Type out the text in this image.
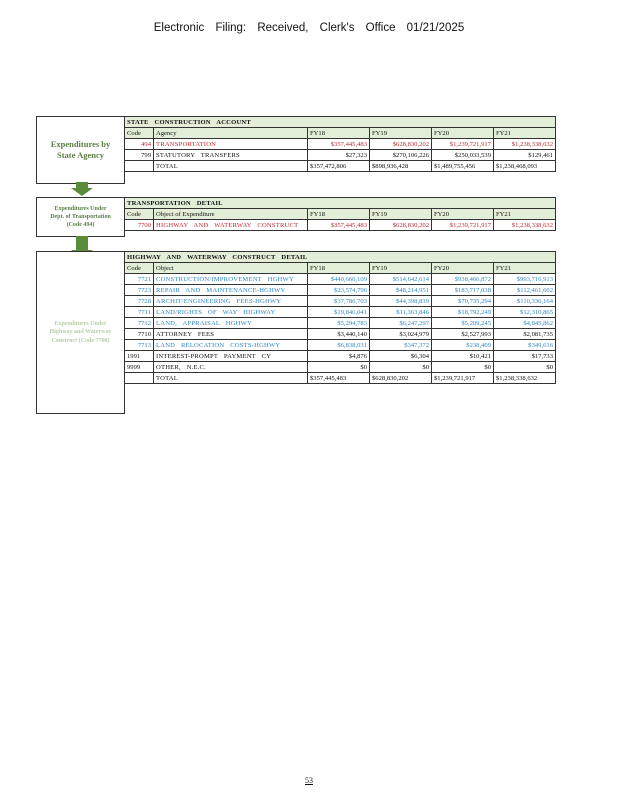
Electronic Filing: Received, Clerk's Office 01/21/2025
Expenditures by
State Agency
STATE CONSTRUCTION ACCOUNT					
Code	Agency	FY18	FY19	FY20	FY21
494	TRANSPORTATION	$357,445,483	$628,830,202	$1,239,721,917	$1,238,338,632
799	STATUTORY TRANSFERS	$27,323	$270,106,226	$250,033,539	$129,461
	TOTAL	$357,472,806	$898,936,428	$1,489,755,456	$1,238,468,093
Expenditures Under
Dept. of Transportation
(Code 494)
TRANSPORTATION DETAIL					
Code	Object of Expenditure	FY18	FY19	FY20	FY21
7700	HIGHWAY AND WATERWAY CONSTRUCT	$357,445,483	$628,830,202	$1,239,721,917	$1,238,338,632
Expenditures Under
Highway and Waterway
Construct (Code 7700)
HIGHWAY AND WATERWAY CONSTRUCT DETAIL					
Code	Object	FY18	FY19	FY20	FY21
7721	CONSTRUCTION/IMPROVEMENT HGHWY	$440,660,109	$514,642,614	$938,466,872	$993,716,913
7723	REPAIR AND MAINTENANCE-HGHWY	$23,574,796	$48,214,951	$183,717,038	$112,461,602
7728	ARCHIT/ENGINEERING FEES-HGHWY	$37,786,703	$44,398,839	$70,735,294	$110,336,164
7711	LAND/RIGHTS OF WAY HIGHWAY	$19,846,041	$11,363,846	$18,792,249	$12,310,865
7712	LAND, APPRAISAL HGHWY	$5,294,783	$6,247,297	$5,209,245	$4,845,862
7710	ATTORNEY FEES	$3,440,140	$3,024,979	$2,527,993	$2,081,735
7713	LAND RELOCATION COSTS-HGHWY	$6,838,031	$347,372	$238,409	$349,616
1991	INTEREST-PROMPT PAYMENT CY	$4,876	$6,304	$10,421	$17,733
9999	OTHER, N.E.C.	$0	$0	$0	$0
	TOTAL	$357,445,483	$628,830,202	$1,239,721,917	$1,238,338,632
53
